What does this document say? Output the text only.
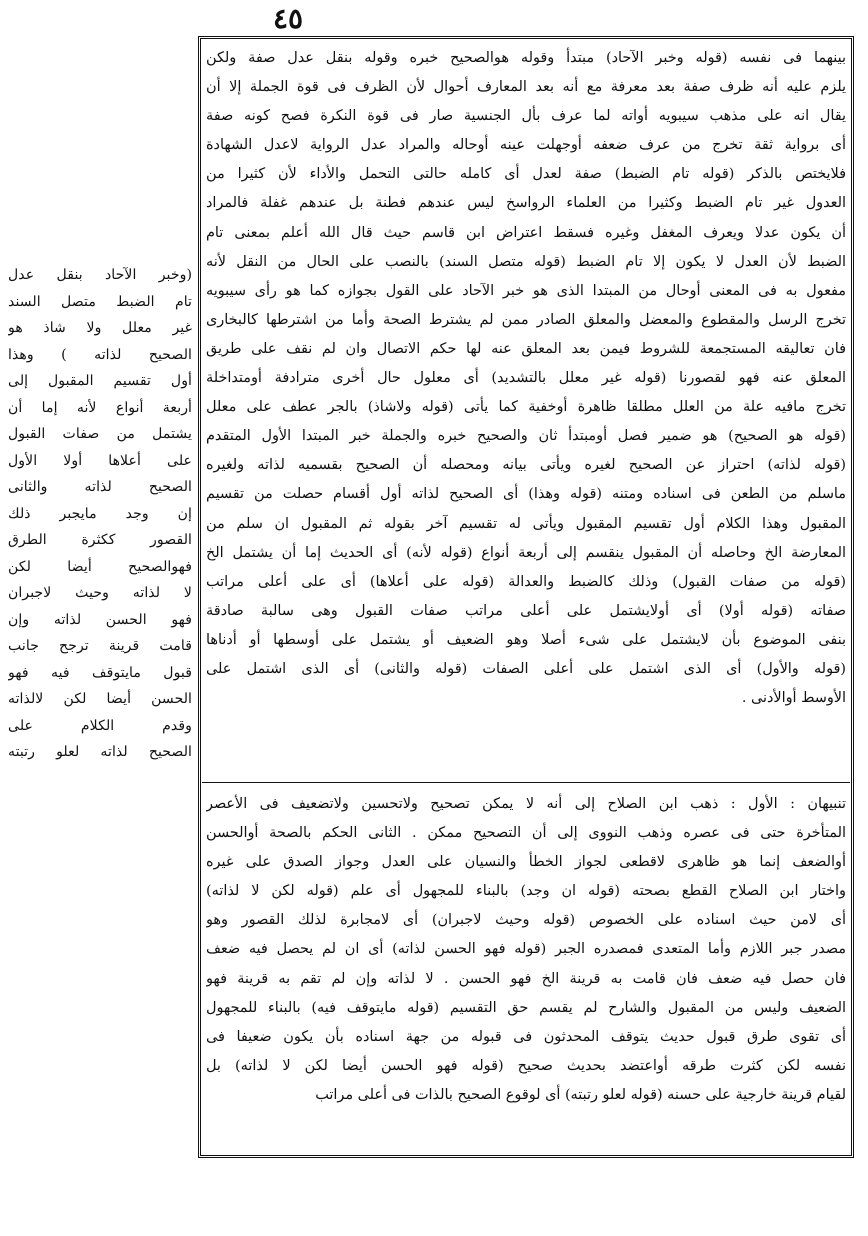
٤٥
(وخبر الآحاد بنقل عدل
تام الضبط متصل السند
غير معلل ولا شاذ هو
الصحيح لذاته ) وهذا
أول تقسيم المقبول إلى
أربعة أنواع لأنه إما أن
يشتمل من صفات القبول
على أعلاها أولا الأول
الصحيح لذاته والثانى
إن وجد مايجبر ذلك
القصور ككثرة الطرق
فهوالصحيح أيضا لكن
لا لذاته وحيث لاجبران
فهو الحسن لذاته وإن
قامت قرينة ترجح جانب
قبول مايتوقف فيه فهو
الحسن أيضا لكن لالذاته
وقدم الكلام على
الصحيح لذاته لعلو رتبته
بينهما فى نفسه (قوله وخبر الآحاد) مبتدأ وقوله هوالصحيح خبره وقوله بنقل عدل صفة ولكن
يلزم عليه أنه ظرف صفة بعد معرفة مع أنه بعد المعارف أحوال لأن الظرف فى قوة الجملة إلا أن
يقال انه على مذهب سيبويه أواته لما عرف بأل الجنسية صار فى قوة النكرة فصح كونه صفة
أى برواية ثقة تخرج من عرف ضعفه أوجهلت عينه أوحاله والمراد عدل الرواية لاعدل الشهادة
فلايختص بالذكر (قوله تام الضبط) صفة لعدل أى كامله حالتى التحمل والأداء لأن كثيرا من
العدول غير تام الضبط وكثيرا من العلماء الرواسخ ليس عندهم فطنة بل عندهم غفلة فالمراد
أن يكون عدلا ويعرف المغفل وغيره فسقط اعتراض ابن قاسم حيث قال الله أعلم بمعنى تام
الضبط لأن العدل لا يكون إلا تام الضبط (قوله متصل السند) بالنصب على الحال من النقل لأنه
مفعول به فى المعنى أوحال من المبتدا الذى هو خبر الآحاد على القول بجوازه كما هو رأى سيبويه
تخرج الرسل والمقطوع والمعضل والمعلق الصادر ممن لم يشترط الصحة وأما من اشترطها كالبخارى
فان تعاليقه المستجمعة للشروط فيمن بعد المعلق عنه لها حكم الاتصال وان لم نقف على طريق
المعلق عنه فهو لقصورنا (قوله غير معلل بالتشديد) أى معلول حال أخرى مترادفة أومتداخلة
تخرج مافيه علة من العلل مطلقا ظاهرة أوخفية كما يأتى (قوله ولاشاذ) بالجر عطف على معلل
(قوله هو الصحيح) هو ضمير فصل أومبتدأ ثان والصحيح خبره والجملة خبر المبتدا الأول المتقدم
(قوله لذاته) احتراز عن الصحيح لغيره ويأتى بيانه ومحصله أن الصحيح بقسميه لذاته ولغيره
ماسلم من الطعن فى اسناده ومتنه (قوله وهذا) أى الصحيح لذاته أول أقسام حصلت من تقسيم
المقبول وهذا الكلام أول تقسيم المقبول ويأتى له تقسيم آخر بقوله ثم المقبول ان سلم من
المعارضة الخ وحاصله أن المقبول ينقسم إلى أربعة أنواع (قوله لأنه) أى الحديث إما أن يشتمل الخ
(قوله من صفات القبول) وذلك كالضبط والعدالة (قوله على أعلاها) أى على أعلى مراتب
صفاته (قوله أولا) أى أولايشتمل على أعلى مراتب صفات القبول وهى سالبة صادقة
بنفى الموضوع بأن لايشتمل على شىء أصلا وهو الضعيف أو يشتمل على أوسطها أو أدناها
(قوله والأول) أى الذى اشتمل على أعلى الصفات (قوله والثانى) أى الذى اشتمل على
الأوسط أوالأدنى .
تنبيهان : الأول : ذهب ابن الصلاح إلى أنه لا يمكن تصحيح ولاتحسين ولاتضعيف فى الأعصر
المتأخرة حتى فى عصره وذهب النووى إلى أن التصحيح ممكن . الثانى الحكم بالصحة أوالحسن
أوالضعف إنما هو ظاهرى لاقطعى لجواز الخطأ والنسيان على العدل وجواز الصدق على غيره
واختار ابن الصلاح القطع بصحته (قوله ان وجد) بالبناء للمجهول أى علم (قوله لكن لا لذاته)
أى لامن حيث اسناده على الخصوص (قوله وحيث لاجبران) أى لامجابرة لذلك القصور وهو
مصدر جبر اللازم وأما المتعدى فمصدره الجبر (قوله فهو الحسن لذاته) أى ان لم يحصل فيه ضعف
فان حصل فيه ضعف فان قامت به قرينة الخ فهو الحسن . لا لذاته وإن لم تقم به قرينة فهو
الضعيف وليس من المقبول والشارح لم يقسم حق التقسيم (قوله مايتوقف فيه) بالبناء للمجهول
أى تقوى طرق قبول حديث يتوقف المحدثون فى قبوله من جهة اسناده بأن يكون ضعيفا فى
نفسه لكن كثرت طرقه أواعتضد بحديث صحيح (قوله فهو الحسن أيضا لكن لا لذاته) بل
لقيام قرينة خارجية على حسنه (قوله لعلو رتبته) أى لوقوع الصحيح بالذات فى أعلى مراتب
